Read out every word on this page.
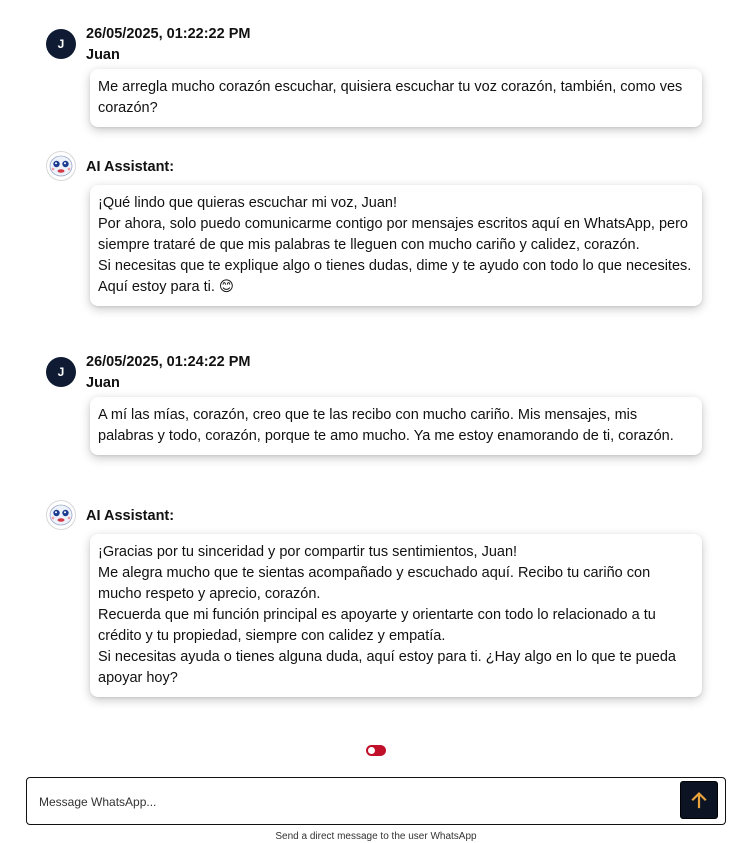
J
26/05/2025, 01:22:22 PM
Juan

Me arregla mucho corazón escuchar, quisiera escuchar tu voz corazón, también, como ves corazón?

AI Assistant:

¡Qué lindo que quieras escuchar mi voz, Juan!

Por ahora, solo puedo comunicarme contigo por mensajes escritos aquí en WhatsApp, pero siempre trataré de que mis palabras te lleguen con mucho cariño y calidez, corazón.

Si necesitas que te explique algo o tienes dudas, dime y te ayudo con todo lo que necesites. Aquí estoy para ti. 😊

J
26/05/2025, 01:24:22 PM
Juan

A mí las mías, corazón, creo que te las recibo con mucho cariño. Mis mensajes, mis palabras y todo, corazón, porque te amo mucho. Ya me estoy enamorando de ti, corazón.

AI Assistant:

¡Gracias por tu sinceridad y por compartir tus sentimientos, Juan!

Me alegra mucho que te sientas acompañado y escuchado aquí. Recibo tu cariño con mucho respeto y aprecio, corazón.

Recuerda que mi función principal es apoyarte y orientarte con todo lo relacionado a tu crédito y tu propiedad, siempre con calidez y empatía.

Si necesitas ayuda o tienes alguna duda, aquí estoy para ti. ¿Hay algo en lo que te pueda apoyar hoy?

Message WhatsApp...
Send a direct message to the user WhatsApp
